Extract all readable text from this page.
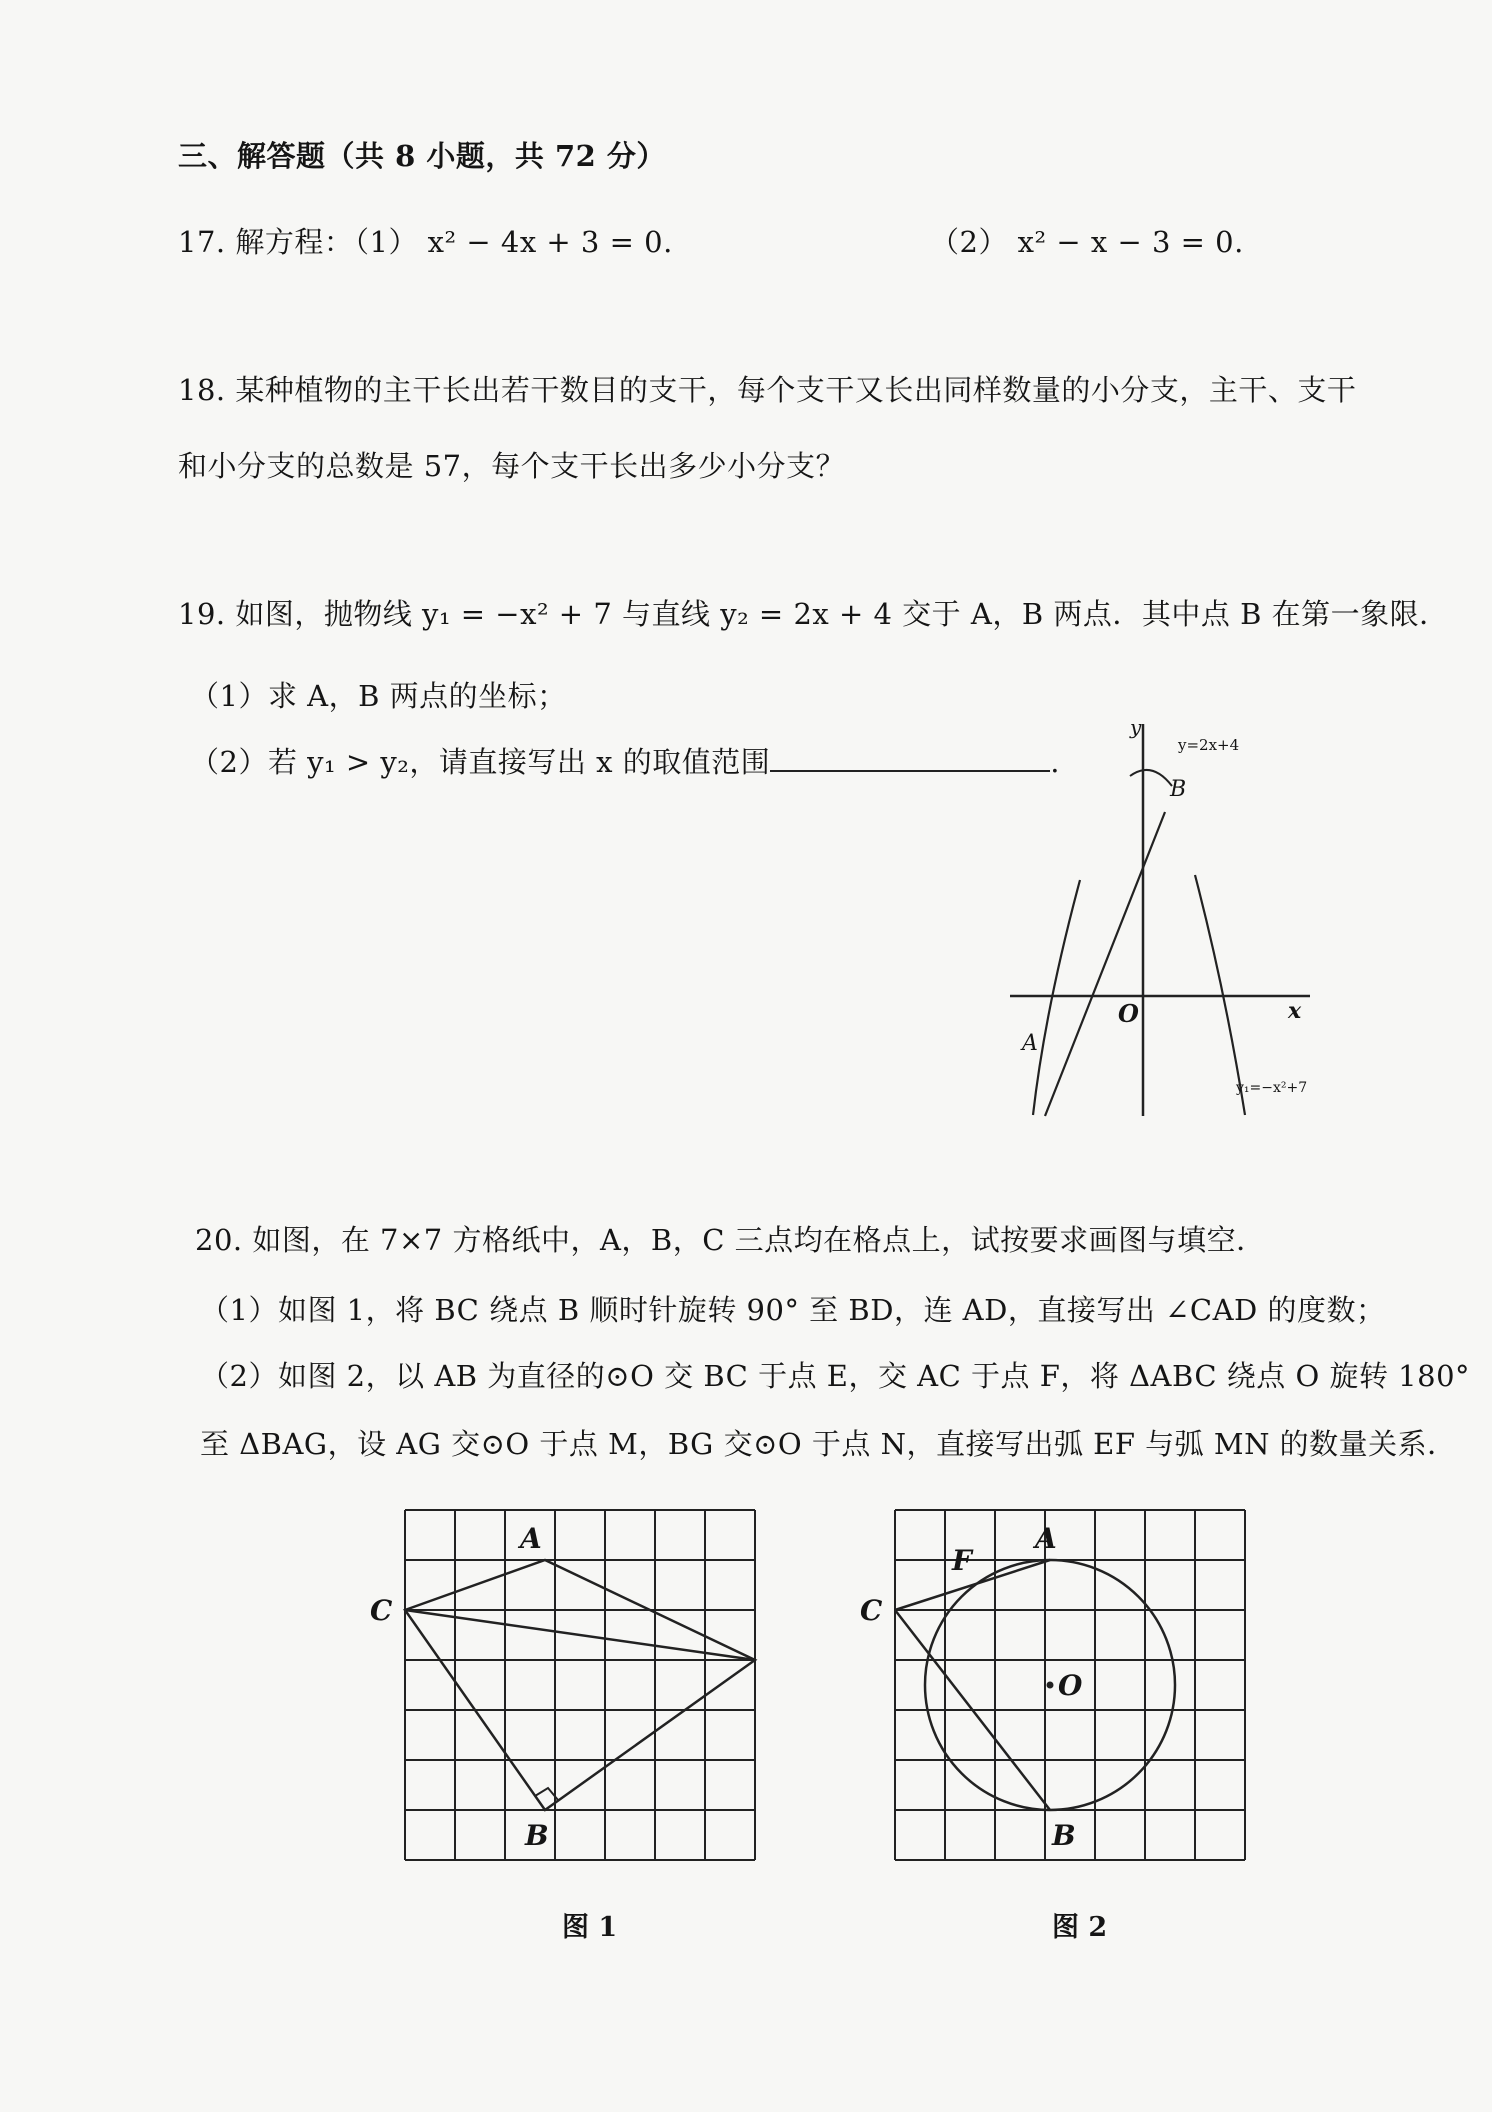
三、解答题（共 8 小题，共 72 分）
17. 解方程：
（1） x² − 4x + 3 = 0.	（2） x² − x − 3 = 0.
18. 某种植物的主干长出若干数目的支干，每个支干又长出同样数量的小分支，主干、支干
和小分支的总数是 57，每个支干长出多少小分支？
19. 如图，抛物线 y₁ = −x² + 7 与直线 y₂ = 2x + 4 交于 A，B 两点．其中点 B 在第一象限．
（1）求 A，B 两点的坐标；
（2）若 y₁ > y₂，请直接写出 x 的取值范围	.
x
y
O
y=2x+4
B
A
y₁=−x²+7
20. 如图，在 7×7 方格纸中，A，B，C 三点均在格点上，试按要求画图与填空．
（1）如图 1，将 BC 绕点 B 顺时针旋转 90° 至 BD，连 AD，直接写出 ∠CAD 的度数；
（2）如图 2，以 AB 为直径的⊙O 交 BC 于点 E，交 AC 于点 F，将 ΔABC 绕点 O 旋转 180°
至 ΔBAG，设 AG 交⊙O 于点 M，BG 交⊙O 于点 N，直接写出弧 EF 与弧 MN 的数量关系．
A
C
B
图 1
A
F
C
O
B
图 2
